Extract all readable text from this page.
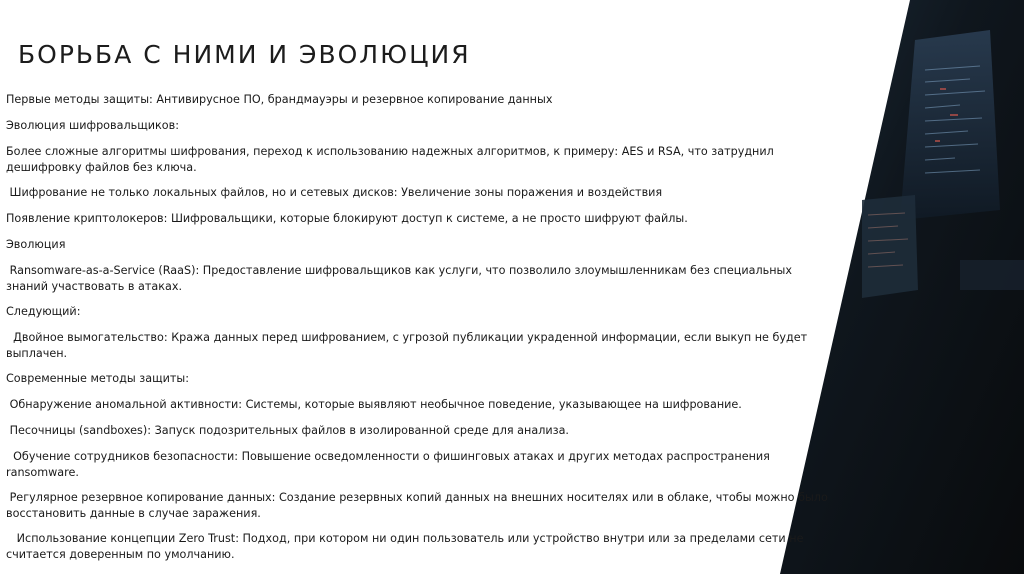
БОРЬБА С НИМИ И ЭВОЛЮЦИЯ

Первые методы защиты: Антивирусное ПО, брандмауэры и резервное копирование данных

Эволюция шифровальщиков:

Более сложные алгоритмы шифрования, переход к использованию надежных алгоритмов, к примеру: AES и RSA, что затруднил дешифровку файлов без ключа.

Шифрование не только локальных файлов, но и сетевых дисков: Увеличение зоны поражения и воздействия

Появление криптолокеров: Шифровальщики, которые блокируют доступ к системе, а не просто шифруют файлы.

Эволюция

Ransomware-as-a-Service (RaaS): Предоставление шифровальщиков как услуги, что позволило злоумышленникам без специальных знаний участвовать в атаках.

Следующий:

Двойное вымогательство: Кража данных перед шифрованием, с угрозой публикации украденной информации, если выкуп не будет выплачен.

Современные методы защиты:

Обнаружение аномальной активности: Системы, которые выявляют необычное поведение, указывающее на шифрование.

Песочницы (sandboxes): Запуск подозрительных файлов в изолированной среде для анализа.

Обучение сотрудников безопасности: Повышение осведомленности о фишинговых атаках и других методах распространения ransomware.

Регулярное резервное копирование данных: Создание резервных копий данных на внешних носителях или в облаке, чтобы можно было восстановить данные в случае заражения.

Использование концепции Zero Trust: Подход, при котором ни один пользователь или устройство внутри или за пределами сети не считается доверенным по умолчанию.
